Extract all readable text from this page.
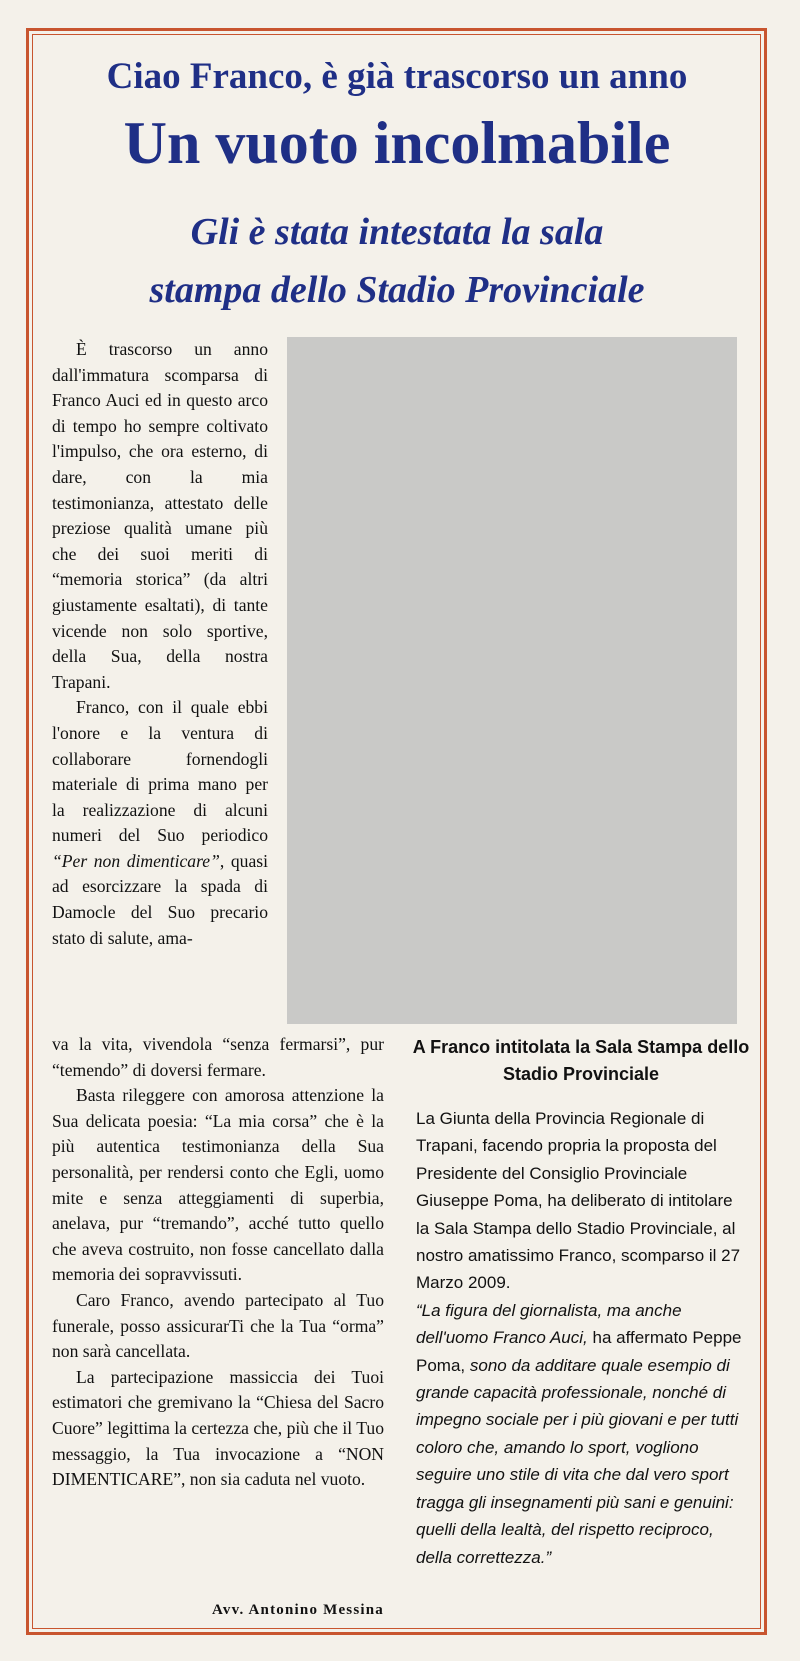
Ciao Franco, è già trascorso un anno
Un vuoto incolmabile
Gli è stata intestata la sala
stampa dello Stadio Provinciale

È trascorso un anno dall'immatura scomparsa di Franco Auci ed in questo arco di tempo ho sempre coltivato l'impulso, che ora esterno, di dare, con la mia testimonianza, attestato delle preziose qualità umane più che dei suoi meriti di “memoria storica” (da altri giustamente esaltati), di tante vicende non solo sportive, della Sua, della nostra Trapani.

Franco, con il quale ebbi l'onore e la ventura di collaborare fornendogli materiale di prima mano per la realizzazione di alcuni numeri del Suo periodico “Per non dimenticare”, quasi ad esorcizzare la spada di Damocle del Suo precario stato di salute, ama-

va la vita, vivendola “senza fermarsi”, pur “temendo” di doversi fermare.

Basta rileggere con amorosa attenzione la Sua delicata poesia: “La mia corsa” che è la più autentica testimonianza della Sua personalità, per rendersi conto che Egli, uomo mite e senza atteggiamenti di superbia, anelava, pur “tremando”, acché tutto quello che aveva costruito, non fosse cancellato dalla memoria dei sopravvissuti.

Caro Franco, avendo partecipato al Tuo funerale, posso assicurarTi che la Tua “orma” non sarà cancellata.

La partecipazione massiccia dei Tuoi estimatori che gremivano la “Chiesa del Sacro Cuore” legittima la certezza che, più che il Tuo messaggio, la Tua invocazione a “NON DIMENTICARE”, non sia caduta nel vuoto.

Avv. Antonino Messina
A Franco intitolata la Sala Stampa dello Stadio Provinciale

La Giunta della Provincia Regionale di Trapani, facendo propria la proposta del Presidente del Consiglio Provinciale Giuseppe Poma, ha deliberato di intitolare la Sala Stampa dello Stadio Provinciale, al nostro amatissimo Franco, scomparso il 27 Marzo 2009.

“La figura del giornalista, ma anche dell'uomo Franco Auci, ha affermato Peppe Poma, sono da additare quale esempio di grande capacità professionale, nonché di impegno sociale per i più giovani e per tutti coloro che, amando lo sport, vogliono seguire uno stile di vita che dal vero sport tragga gli insegnamenti più sani e genuini: quelli della lealtà, del rispetto reciproco, della correttezza.”
